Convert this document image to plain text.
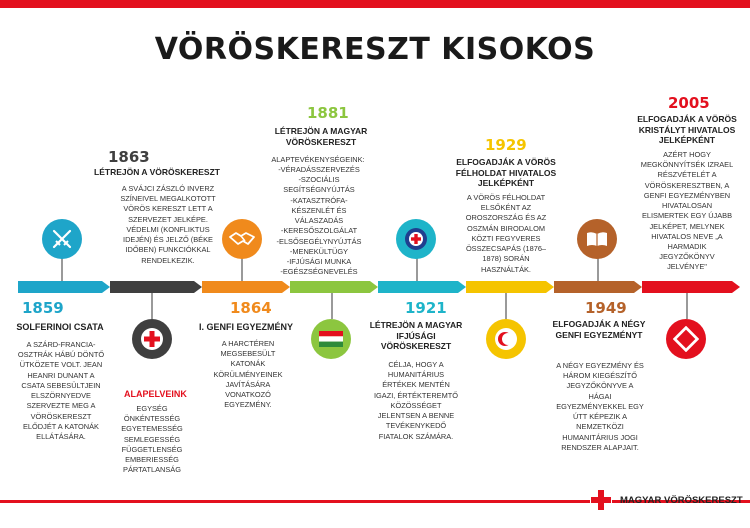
VÖRÖSKERESZT KISOKOS
1859
SOLFERINOI CSATA
A SZÁRD-FRANCIA-OSZTRÁK HÁBÚ DÖNTŐ ÜTKÖZETE VOLT. JEAN HEANRI DUNANT A CSATA SEBESÜLTJEIN ELSZÖRNYEDVE SZERVEZTE MEG A VÖRÖSKERESZT ELŐDJÉT A KATONÁK ELLÁTÁSÁRA.
1863
LÉTREJÖN A VÖRÖSKERESZT
A SVÁJCI ZÁSZLÓ INVERZ SZÍNEIVEL MEGALKOTOTT VÖRÖS KERESZT LETT A SZERVEZET JELKÉPE. VÉDELMI (KONFLIKTUS IDEJÉN) ÉS JELZŐ (BÉKE IDŐBEN) FUNKCIÓKKAL RENDELKEZIK.
ALAPELVEINK
EGYSÉG
ÖNKÉNTESSÉG
EGYETEMESSÉG
SEMLEGESSÉG
FÜGGETLENSÉG
EMBERIESSÉG
PÁRTATLANSÁG
1864
I. GENFI EGYEZMÉNY
A HARCTÉREN MEGSEBESÜLT KATONÁK KÖRÜLMÉNYEINEK JAVÍTÁSÁRA VONATKOZÓ EGYEZMÉNY.
1881
LÉTREJÖN A MAGYAR VÖRÖSKERESZT
ALAPTEVÉKENYSÉGEINK:
-VÉRADÁSSZERVEZÉS
-SZOCIÁLIS SEGÍTSÉGNYÚJTÁS
-KATASZTRÓFA-KÉSZENLÉT ÉS VÁLASZADÁS
-KERESŐSZOLGÁLAT
-ELSŐSEGÉLYNYÚJTÁS
-MENEKÜLTÜGY
-IFJÚSÁGI MUNKA
-EGÉSZSÉGNEVELÉS
1921
LÉTREJÖN A MAGYAR IFJÚSÁGI VÖRÖSKERESZT
CÉLJA, HOGY A HUMANITÁRIUS ÉRTÉKEK MENTÉN IGAZI, ÉRTÉKTEREMTŐ KÖZÖSSÉGET JELENTSEN A BENNE TEVÉKENYKEDŐ FIATALOK SZÁMÁRA.
1929
ELFOGADJÁK A VÖRÖS FÉLHOLDAT HIVATALOS JELKÉPKÉNT
A VÖRÖS FÉLHOLDAT ELSŐKÉNT AZ OROSZORSZÁG ÉS AZ OSZMÁN BIRODALOM KÖZTI FEGYVERES ÖSSZECSAPÁS (1876–1878) SORÁN HASZNÁLTÁK.
1949
ELFOGADJÁK A NÉGY GENFI EGYEZMÉNYT
A NÉGY EGYEZMÉNY ÉS HÁROM KIEGÉSZÍTŐ JEGYZŐKÖNYVE A HÁGAI EGYEZMÉNYEKKEL EGY ÚTT KÉPEZIK A NEMZETKÖZI HUMANITÁRIUS JOGI RENDSZER ALAPJAIT.
2005
ELFOGADJÁK A VÖRÖS KRISTÁLYT HIVATALOS JELKÉPKÉNT
AZÉRT HOGY MEGKÖNNYÍTSÉK IZRAEL RÉSZVÉTELÉT A VÖRÖSKERESZTBEN, A GENFI EGYEZMÉNYBEN HIVATALOSAN ELISMERTEK EGY ÚJABB JELKÉPET, MELYNEK HIVATALOS NEVE „A HARMADIK JEGYZŐKÖNYV JELVÉNYE"
MAGYAR VÖRÖSKERESZT
